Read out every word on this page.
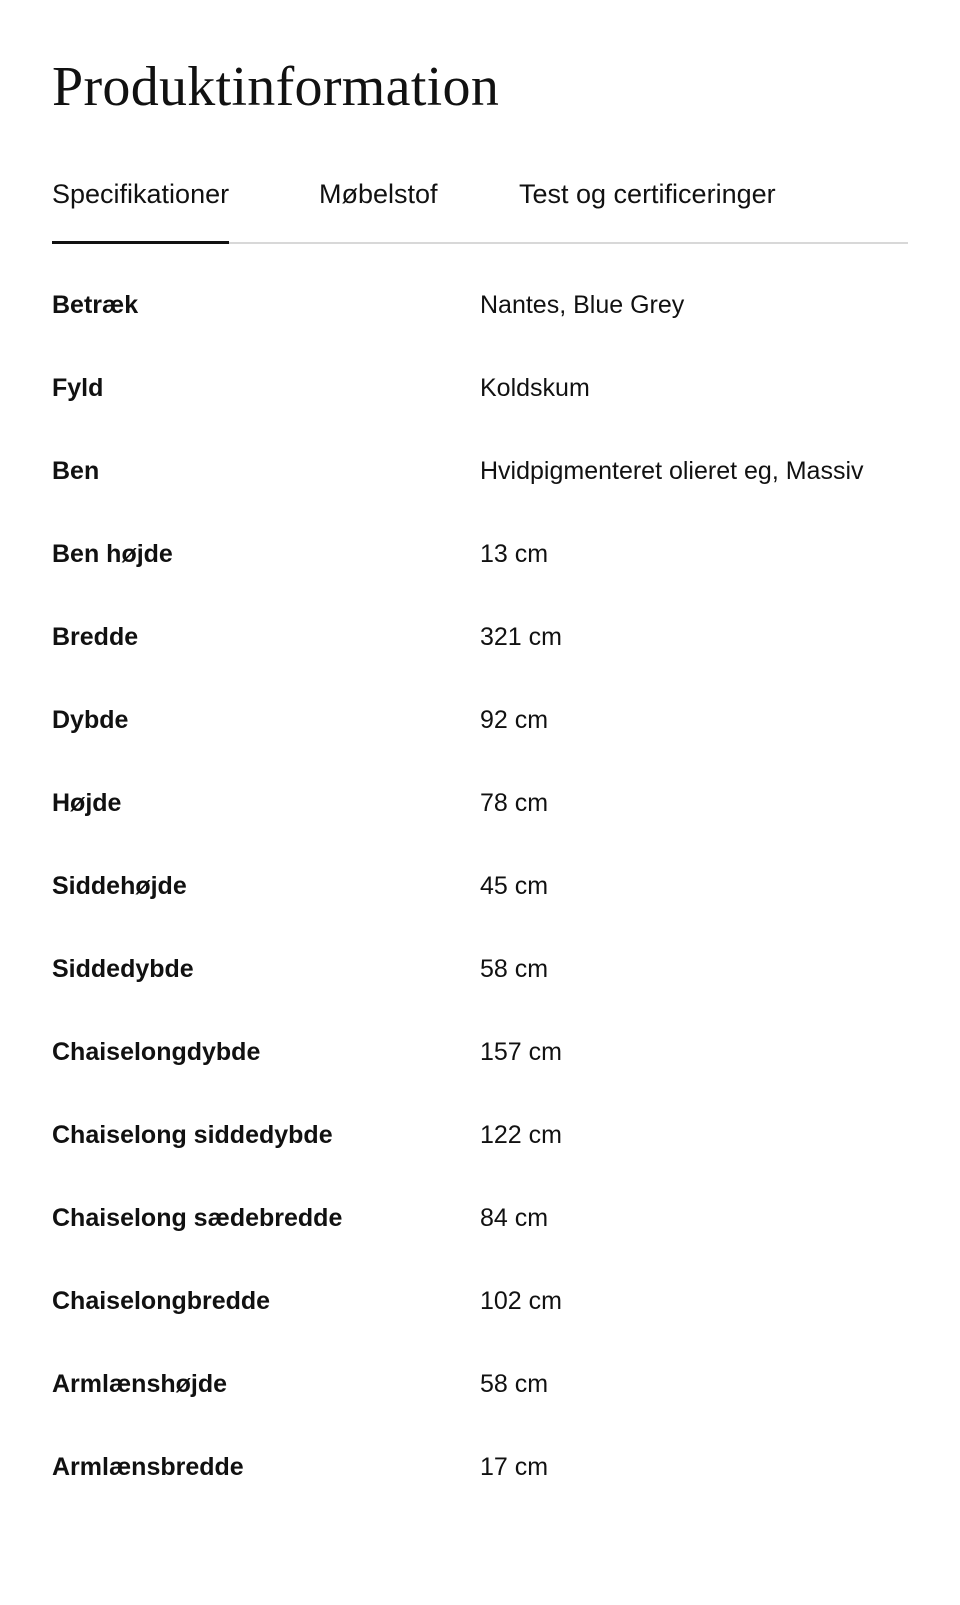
Produktinformation
Specifikationer	Møbelstof	Test og certificeringer
Betræk	Nantes, Blue Grey
Fyld	Koldskum
Ben	Hvidpigmenteret olieret eg, Massiv
Ben højde	13 cm
Bredde	321 cm
Dybde	92 cm
Højde	78 cm
Siddehøjde	45 cm
Siddedybde	58 cm
Chaiselongdybde	157 cm
Chaiselong siddedybde	122 cm
Chaiselong sædebredde	84 cm
Chaiselongbredde	102 cm
Armlænshøjde	58 cm
Armlænsbredde	17 cm
